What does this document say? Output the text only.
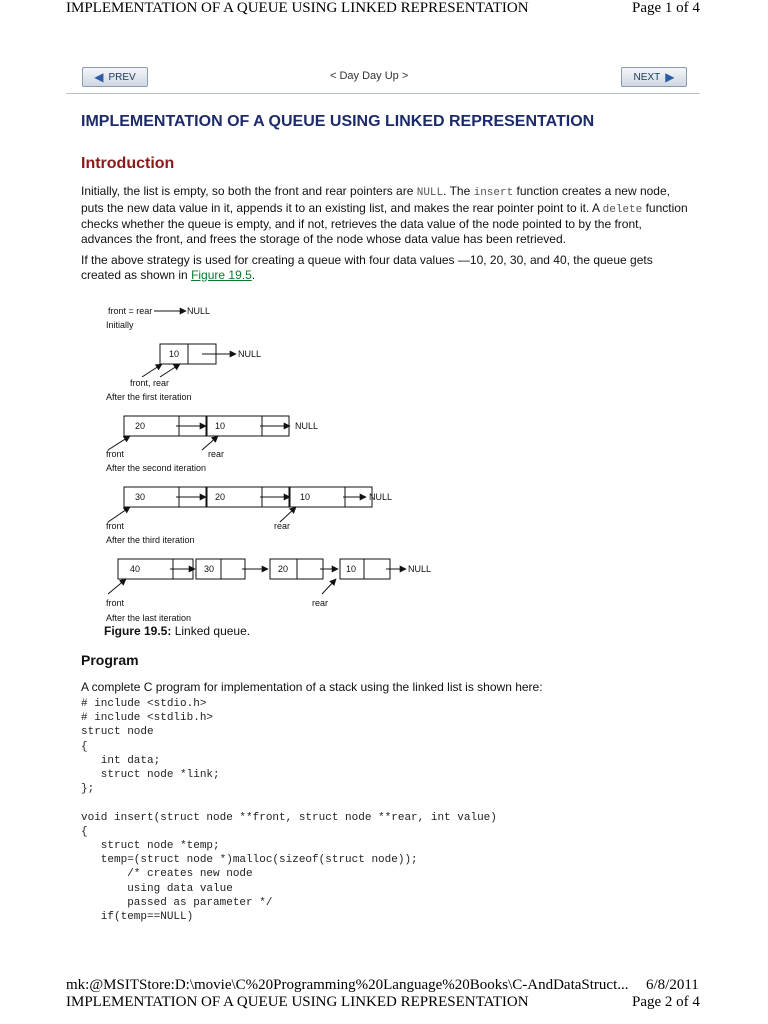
IMPLEMENTATION OF A QUEUE USING LINKED REPRESENTATION	Page 1 of 4
◀ PREV	< Day Day Up >	NEXT ▶
IMPLEMENTATION OF A QUEUE USING LINKED REPRESENTATION
Introduction
Initially, the list is empty, so both the front and rear pointers are NULL. The insert function creates a new node, puts the new data value in it, appends it to an existing list, and makes the rear pointer point to it. A delete function checks whether the queue is empty, and if not, retrieves the data value of the node pointed to by the front, advances the front, and frees the storage of the node whose data value has been retrieved.
If the above strategy is used for creating a queue with four data values —10, 20, 30, and 40, the queue gets created as shown in Figure 19.5.
front = rear	NULL
Initially
10	NULL
front, rear
After the first iteration
20	10	NULL
front	rear
After the second iteration
30	20	10	NULL
front	rear
After the third iteration
40	30	20	10	NULL
front	rear
After the last iteration
Figure 19.5: Linked queue.
Program
A complete C program for implementation of a stack using the linked list is shown here:
# include <stdio.h>
# include <stdlib.h>
struct node
{
int data;
struct node *link;
};

void insert(struct node **front, struct node **rear, int value)
{
struct node *temp;
temp=(struct node *)malloc(sizeof(struct node));
/* creates new node
using data value
passed as parameter */
if(temp==NULL)
mk:@MSITStore:D:\movie\C%20Programming%20Language%20Books\C-AndDataStruct... 6/8/2011
IMPLEMENTATION OF A QUEUE USING LINKED REPRESENTATION	Page 2 of 4
